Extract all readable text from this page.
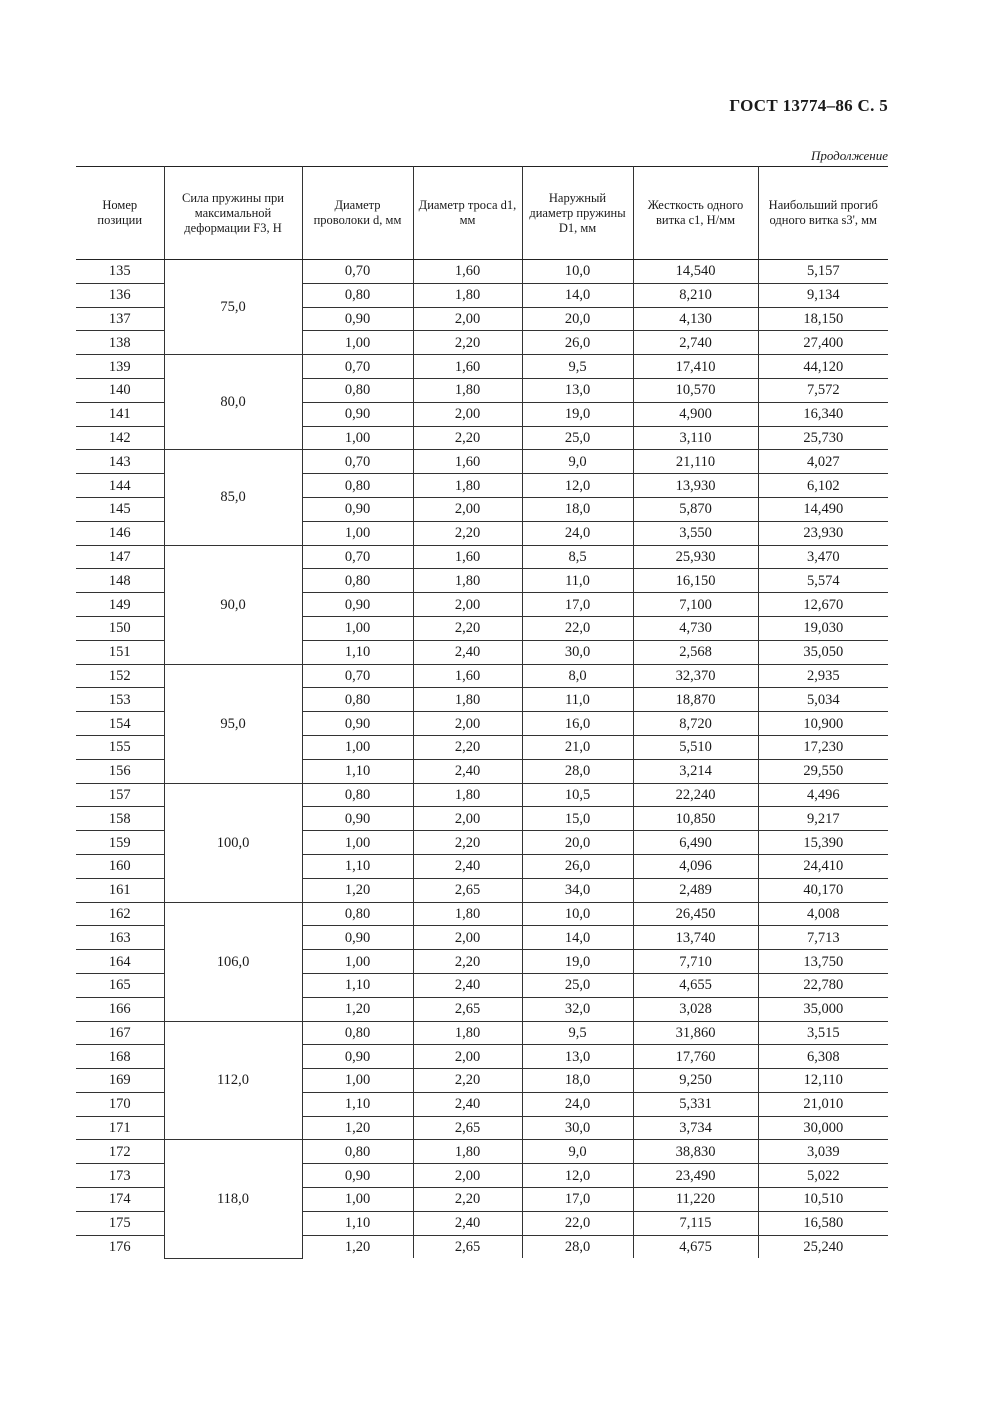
ГОСТ 13774–86 С. 5
Продолжение
Номер позиции	Сила пружины при максимальной деформации F3, Н	Диаметр проволоки d, мм	Диаметр троса d1, мм	Наружный диаметр пружины D1, мм	Жесткость одного витка c1, Н/мм	Наибольший прогиб одного витка s3', мм
135	75,0	0,70	1,60	10,0	14,540	5,157
136		0,80	1,80	14,0	8,210	9,134
137		0,90	2,00	20,0	4,130	18,150
138		1,00	2,20	26,0	2,740	27,400
139	80,0	0,70	1,60	9,5	17,410	44,120
140		0,80	1,80	13,0	10,570	7,572
141		0,90	2,00	19,0	4,900	16,340
142		1,00	2,20	25,0	3,110	25,730
143	85,0	0,70	1,60	9,0	21,110	4,027
144		0,80	1,80	12,0	13,930	6,102
145		0,90	2,00	18,0	5,870	14,490
146		1,00	2,20	24,0	3,550	23,930
147	90,0	0,70	1,60	8,5	25,930	3,470
148		0,80	1,80	11,0	16,150	5,574
149		0,90	2,00	17,0	7,100	12,670
150		1,00	2,20	22,0	4,730	19,030
151		1,10	2,40	30,0	2,568	35,050
152	95,0	0,70	1,60	8,0	32,370	2,935
153		0,80	1,80	11,0	18,870	5,034
154		0,90	2,00	16,0	8,720	10,900
155		1,00	2,20	21,0	5,510	17,230
156		1,10	2,40	28,0	3,214	29,550
157	100,0	0,80	1,80	10,5	22,240	4,496
158		0,90	2,00	15,0	10,850	9,217
159		1,00	2,20	20,0	6,490	15,390
160		1,10	2,40	26,0	4,096	24,410
161		1,20	2,65	34,0	2,489	40,170
162	106,0	0,80	1,80	10,0	26,450	4,008
163		0,90	2,00	14,0	13,740	7,713
164		1,00	2,20	19,0	7,710	13,750
165		1,10	2,40	25,0	4,655	22,780
166		1,20	2,65	32,0	3,028	35,000
167	112,0	0,80	1,80	9,5	31,860	3,515
168		0,90	2,00	13,0	17,760	6,308
169		1,00	2,20	18,0	9,250	12,110
170		1,10	2,40	24,0	5,331	21,010
171		1,20	2,65	30,0	3,734	30,000
172	118,0	0,80	1,80	9,0	38,830	3,039
173		0,90	2,00	12,0	23,490	5,022
174		1,00	2,20	17,0	11,220	10,510
175		1,10	2,40	22,0	7,115	16,580
176		1,20	2,65	28,0	4,675	25,240
